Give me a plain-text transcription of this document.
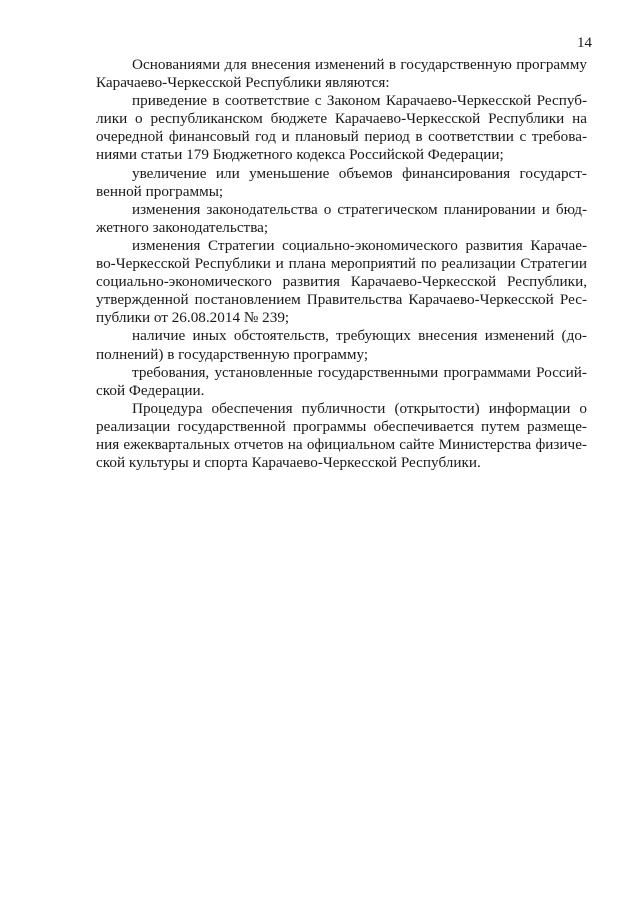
14
Основаниями для внесения изменений в государственную программу
Карачаево-Черкесской Республики являются:
приведение в соответствие с Законом Карачаево-Черкесской Респуб-
лики о республиканском бюджете Карачаево-Черкесской Республики на
очередной финансовый год и плановый период в соответствии с требова-
ниями статьи 179 Бюджетного кодекса Российской Федерации;
увеличение или уменьшение объемов финансирования государст-
венной программы;
изменения законодательства о стратегическом планировании и бюд-
жетного законодательства;
изменения Стратегии социально-экономического развития Карачае-
во-Черкесской Республики и плана мероприятий по реализации Стратегии
социально-экономического развития Карачаево-Черкесской Республики,
утвержденной постановлением Правительства Карачаево-Черкесской Рес-
публики от 26.08.2014 № 239;
наличие иных обстоятельств, требующих внесения изменений (до-
полнений) в государственную программу;
требования, установленные государственными программами Россий-
ской Федерации.
Процедура обеспечения публичности (открытости) информации о
реализации государственной программы обеспечивается путем размеще-
ния ежеквартальных отчетов на официальном сайте Министерства физиче-
ской культуры и спорта Карачаево-Черкесской Республики.
